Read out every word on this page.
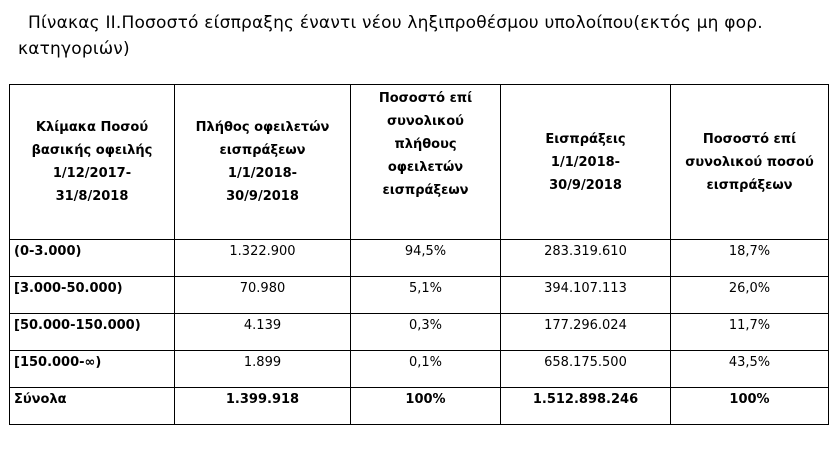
Πίνακας ΙΙ.Ποσοστό είσπραξης έναντι νέου ληξιπροθέσμου υπολοίπου(εκτός μη φορ.
κατηγοριών)
Κλίμακα Ποσού
βασικής οφειλής
1/12/2017-
31/8/2018	Πλήθος οφειλετών
εισπράξεων
1/1/2018-
30/9/2018	Ποσοστό επί
συνολικού
πλήθους
οφειλετών
εισπράξεων	Εισπράξεις
1/1/2018-
30/9/2018	Ποσοστό επί
συνολικού ποσού
εισπράξεων
(0-3.000)	1.322.900	94,5%	283.319.610	18,7%
[3.000-50.000)	70.980	5,1%	394.107.113	26,0%
[50.000-150.000)	4.139	0,3%	177.296.024	11,7%
[150.000-∞)	1.899	0,1%	658.175.500	43,5%
Σύνολα	1.399.918	100%	1.512.898.246	100%
